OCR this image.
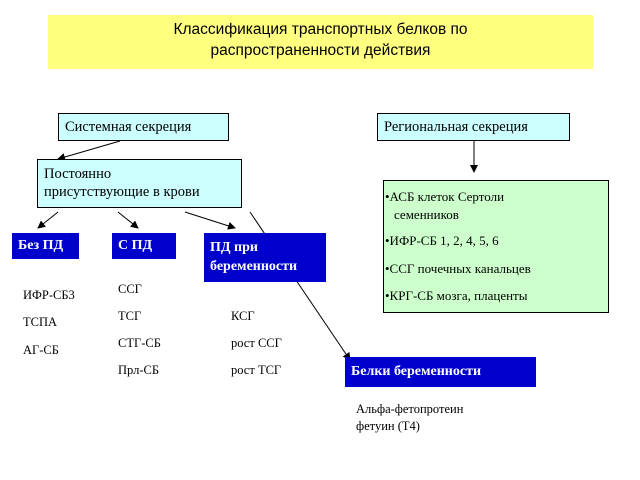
Классификация транспортных белков по
распространенности действия
Системная секреция	Региональная секреция
Постоянно
присутствующие в крови	•АСБ клеток Сертоли
семенников
•ИФР-СБ 1, 2, 4, 5, 6
•ССГ почечных канальцев
•КРГ-СБ мозга, плаценты
Без ПД	С ПД	ПД при
беременности
Белки беременности
ИФР-СБ3
ТСПА
АГ-СБ
ССГ
ТСГ
СТГ-СБ
Прл-СБ
КСГ
рост ССГ
рост ТСГ
Альфа-фетопротеин
фетуин (Т4)
